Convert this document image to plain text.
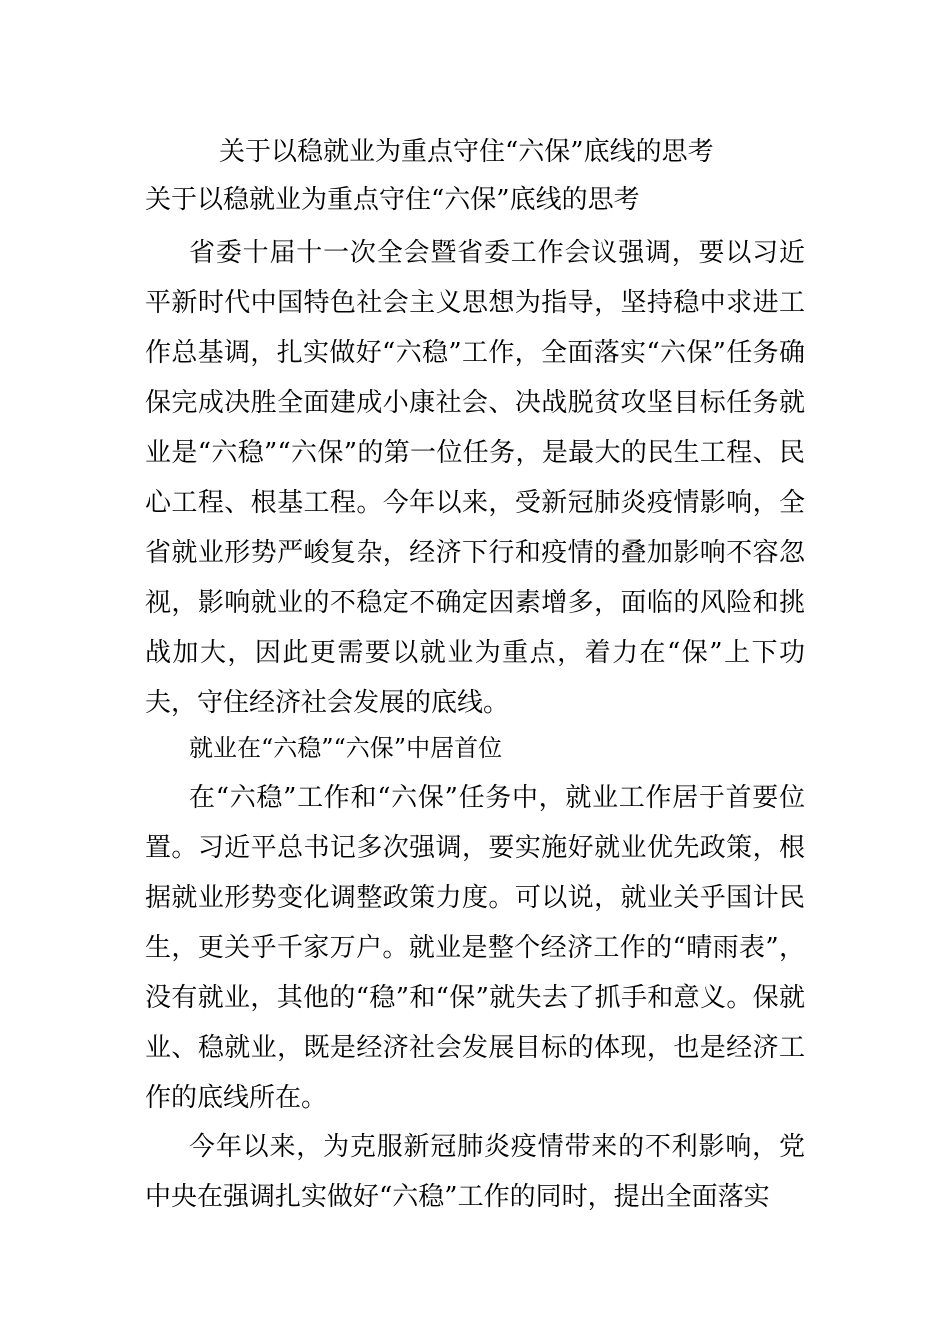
关于以稳就业为重点守住“六保”底线的思考
关于以稳就业为重点守住“六保”底线的思考

省委十届十一次全会暨省委工作会议强调，要以习近平新时代中国特色社会主义思想为指导，坚持稳中求进工作总基调，扎实做好“六稳”工作，全面落实“六保”任务确保完成决胜全面建成小康社会、决战脱贫攻坚目标任务就业是“六稳”“六保”的第一位任务，是最大的民生工程、民心工程、根基工程。今年以来，受新冠肺炎疫情影响，全省就业形势严峻复杂，经济下行和疫情的叠加影响不容忽视，影响就业的不稳定不确定因素增多，面临的风险和挑战加大，因此更需要以就业为重点，着力在“保”上下功夫，守住经济社会发展的底线。

就业在“六稳”“六保”中居首位

在“六稳”工作和“六保”任务中，就业工作居于首要位置。习近平总书记多次强调，要实施好就业优先政策，根据就业形势变化调整政策力度。可以说，就业关乎国计民生，更关乎千家万户。就业是整个经济工作的“晴雨表”，没有就业，其他的“稳”和“保”就失去了抓手和意义。保就业、稳就业，既是经济社会发展目标的体现，也是经济工作的底线所在。

今年以来，为克服新冠肺炎疫情带来的不利影响，党中央在强调扎实做好“六稳”工作的同时，提出全面落实
